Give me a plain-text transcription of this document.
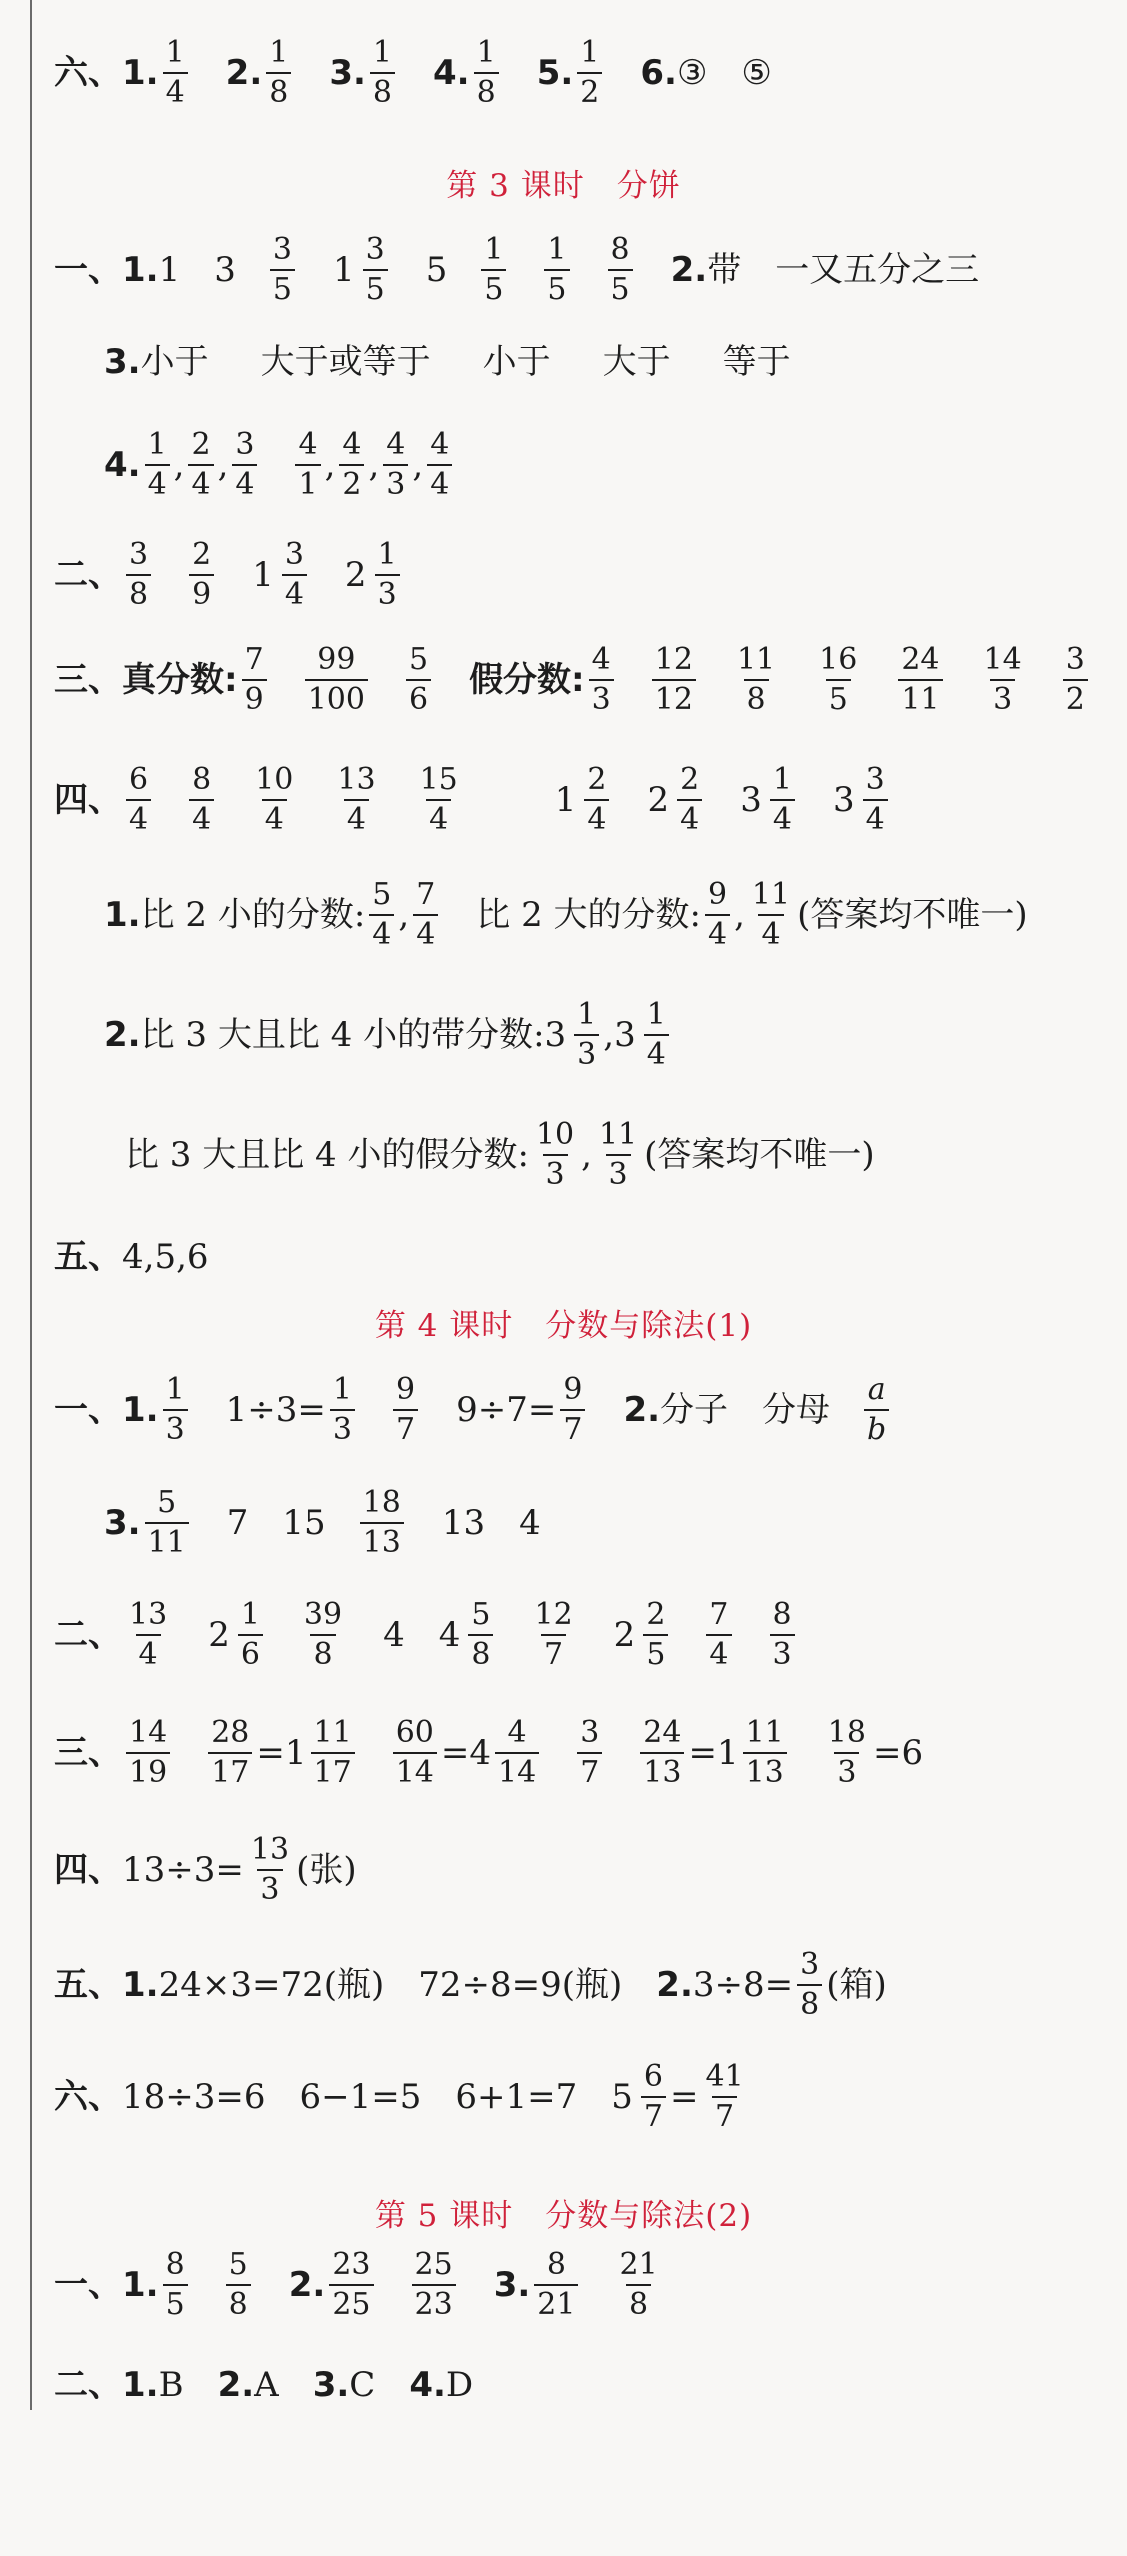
六、 1. $\frac{1}{4} 2$. $\frac{1}{8} 3$. $\frac{1}{8} 4$. $\frac{1}{8} 5$. $\frac{1}{2} 6$. ③ ⑤
第 3 课时　分饼
一、 1. 1 $3 \frac{3}{5} 1 \frac{3}{5} 5 \frac{1}{5} \frac{1}{5} \frac{8}{5} 2$. 带 一又五分之三
3. 小于 大于或等于 小于 大于 等于
4. $\frac{1}{4}$ , $\frac{2}{4}$ , $\frac{3}{4} \frac{4}{1}$ , $\frac{4}{2}$ , $\frac{4}{3}$ , $\frac{4}{4}$
二、 $\frac{3}{8} \frac{2}{9} 1 \frac{3}{4} 2 \frac{1}{3}$
三、 真分数: $\frac{7}{9} \frac{99}{100} \frac{5}{6}$ 假分数: $\frac{4}{3} \frac{12}{12} \frac{11}{8} \frac{16}{5} \frac{24}{11} \frac{14}{3} \frac{3}{2}$
四、 $\frac{6}{4} \frac{8}{4} \frac{10}{4} \frac{13}{4} \frac{15}{4}$	$1 \frac{2}{4} 2 \frac{2}{4} 3 \frac{1}{4} 3 \frac{3}{4}$
1. 比 2 小的分数: $\frac{5}{4}$ , $\frac{7}{4}$ 比 2 大的分数: $\frac{9}{4}$ , $\frac{11}{4}$ (答案均不唯一)
2. 比 3 大且比 4 小的带分数: $3 \frac{1}{3}$ , $3 \frac{1}{4}$
比 3 大且比 4 小的假分数: $\frac{10}{3}$ , $\frac{11}{3}$ (答案均不唯一)
五、 4,5,6
第 4 课时　分数与除法(1)
一、 1. $\frac{1}{3} 1\div 3= \frac{1}{3} \frac{9}{7} 9\div 7= \frac{9}{7} 2$. 分子 分母 $\frac{a}{b}$
3. $\frac{5}{11} 7$ $15 \frac{18}{13} 13$ 4
二、 $\frac{13}{4} 2 \frac{1}{6} \frac{39}{8} 4$ $4 \frac{5}{8} \frac{12}{7} 2 \frac{2}{5} \frac{7}{4} \frac{8}{3}$
三、 $\frac{14}{19} \frac{28}{17} =1 \frac{11}{17} \frac{60}{14} =4 \frac{4}{14} \frac{3}{7} \frac{24}{13} =1 \frac{11}{13} \frac{18}{3} =6$
四、 $13\div 3= \frac{13}{3}$ (张)
五、 1. 24×3=72(瓶) 72÷8=9(瓶) 2. $3\div 8= \frac{3}{8}$ (箱)
六、 18÷3=6 6−1=5 6+1=7 $5 \frac{6}{7} = \frac{41}{7}$
第 5 课时　分数与除法(2)
一、 1. $\frac{8}{5} \frac{5}{8} 2$. $\frac{23}{25} \frac{25}{23} 3$. $\frac{8}{21} \frac{21}{8}$
二、 1. B 2. A 3. C 4. D
